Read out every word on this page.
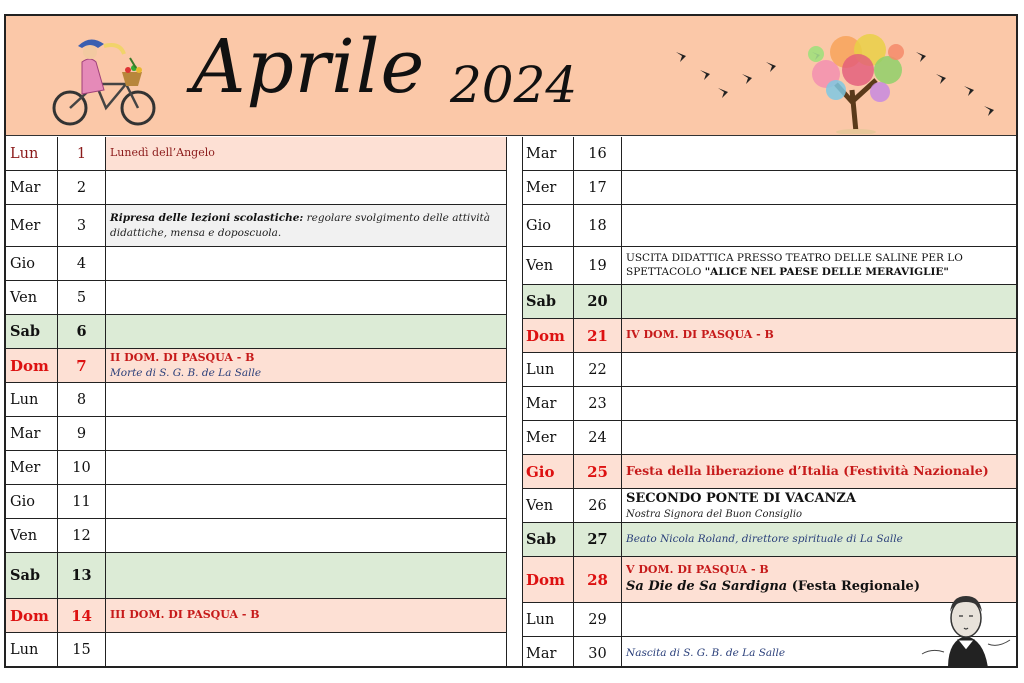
Aprile 2024
Lun	1	Lunedì dell’Angelo
Mar	2
Mer	3	Ripresa delle lezioni scolastiche: regolare svolgimento delle attività didattiche, mensa e doposcuola.
Gio	4
Ven	5
Sab	6
Dom	7	II DOM. DI PASQUA - B
Morte di S. G. B. de La Salle
Lun	8
Mar	9
Mer	10
Gio	11
Ven	12
Sab	13
Dom	14	III DOM. DI PASQUA - B
Lun	15
Mar	16
Mer	17
Gio	18
Ven	19	USCITA DIDATTICA PRESSO TEATRO DELLE SALINE PER LO SPETTACOLO "ALICE NEL PAESE DELLE MERAVIGLIE"
Sab	20
Dom	21	IV DOM. DI PASQUA - B
Lun	22
Mar	23
Mer	24
Gio	25	Festa della liberazione d’Italia (Festività Nazionale)
Ven	26	SECONDO PONTE DI VACANZA
Nostra Signora del Buon Consiglio
Sab	27	Beato Nicola Roland, direttore spirituale di La Salle
Dom	28
V DOM. DI PASQUA - B
Sa Die de Sa Sardigna (Festa Regionale)
Lun	29
Mar	30	Nascita di S. G. B. de La Salle
